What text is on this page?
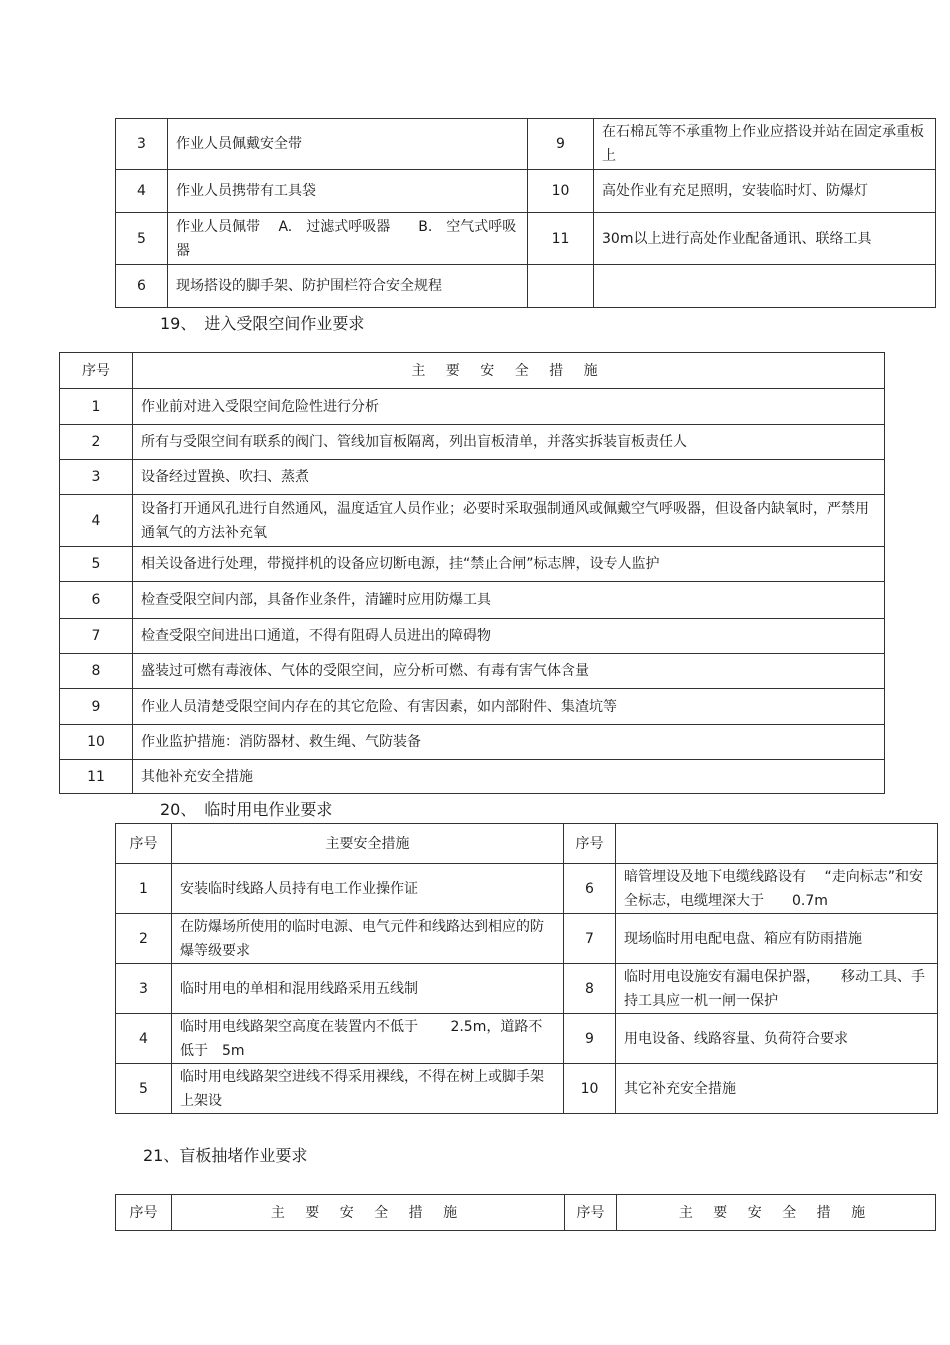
3	作业人员佩戴安全带	9	在石棉瓦等不承重物上作业应搭设并站在固定承重板上
4	作业人员携带有工具袋	10	高处作业有充足照明，安装临时灯、防爆灯
5	作业人员佩带　 A.　过滤式呼吸器　　B.　空气式呼吸器	11	30m以上进行高处作业配备通讯、联络工具
6	现场搭设的脚手架、防护围栏符合安全规程		
19、　进入受限空间作业要求
序号	主 要 安 全 措 施
1	作业前对进入受限空间危险性进行分析
2	所有与受限空间有联系的阀门、管线加盲板隔离，列出盲板清单，并落实拆装盲板责任人
3	设备经过置换、吹扫、蒸煮
4	设备打开通风孔进行自然通风，温度适宜人员作业；必要时采取强制通风或佩戴空气呼吸器，但设备内缺氧时，严禁用通氧气的方法补充氧
5	相关设备进行处理，带搅拌机的设备应切断电源，挂“禁止合闸”标志牌，设专人监护
6	检查受限空间内部，具备作业条件，清罐时应用防爆工具
7	检查受限空间进出口通道，不得有阻碍人员进出的障碍物
8	盛装过可燃有毒液体、气体的受限空间，应分析可燃、有毒有害气体含量
9	作业人员清楚受限空间内存在的其它危险、有害因素，如内部附件、集渣坑等
10	作业监护措施：消防器材、救生绳、气防装备
11	其他补充安全措施
20、　临时用电作业要求
序号	主要安全措施	序号	
1	安装临时线路人员持有电工作业操作证	6	暗管埋设及地下电缆线路设有　 “走向标志”和安全标志，电缆埋深大于　　0.7m
2	在防爆场所使用的临时电源、电气元件和线路达到相应的防爆等级要求	7	现场临时用电配电盘、箱应有防雨措施
3	临时用电的单相和混用线路采用五线制	8	临时用电设施安有漏电保护器，　　移动工具、手持工具应一机一闸一保护
4	临时用电线路架空高度在装置内不低于　　 2.5m，道路不低于　5m	9	用电设备、线路容量、负荷符合要求
5	临时用电线路架空进线不得采用裸线，不得在树上或脚手架上架设	10	其它补充安全措施
21、盲板抽堵作业要求
序号	主 要 安 全 措 施	序号	主 要 安 全 措 施
